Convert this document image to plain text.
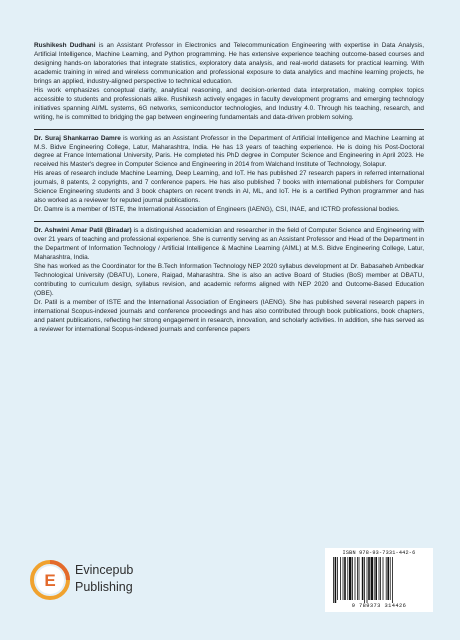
Rushikesh Dudhani is an Assistant Professor in Electronics and Telecommunication Engineering with expertise in Data Analysis, Artificial Intelligence, Machine Learning, and Python programming. He has extensive experience teaching outcome-based courses and designing hands-on laboratories that integrate statistics, exploratory data analysis, and real-world datasets for practical learning. With academic training in wired and wireless communication and professional exposure to data analytics and machine learning projects, he brings an applied, industry-aligned perspective to technical education.

His work emphasizes conceptual clarity, analytical reasoning, and decision-oriented data interpretation, making complex topics accessible to students and professionals alike. Rushikesh actively engages in faculty development programs and emerging technology initiatives spanning AI/ML systems, 6G networks, semiconductor technologies, and Industry 4.0. Through his teaching, research, and writing, he is committed to bridging the gap between engineering fundamentals and data-driven problem solving.

Dr. Suraj Shankarrao Damre is working as an Assistant Professor in the Department of Artificial Intelligence and Machine Learning at M.S. Bidve Engineering College, Latur, Maharashtra, India. He has 13 years of teaching experience. He is doing his Post-Doctoral degree at France International University, Paris. He completed his PhD degree in Computer Science and Engineering in April 2023. He received his Master's degree in Computer Science and Engineering in 2014 from Walchand Institute of Technology, Solapur.

His areas of research include Machine Learning, Deep Learning, and IoT. He has published 27 research papers in referred international journals, 8 patents, 2 copyrights, and 7 conference papers. He has also published 7 books with international publishers for Computer Science Engineering students and 3 book chapters on recent trends in AI, ML, and IoT. He is a certified Python programmer and has also worked as a reviewer for reputed journal publications.

Dr. Damre is a member of ISTE, the International Association of Engineers (IAENG), CSI, INAE, and ICTRD professional bodies.

Dr. Ashwini Amar Patil (Biradar) is a distinguished academician and researcher in the field of Computer Science and Engineering with over 21 years of teaching and professional experience. She is currently serving as an Assistant Professor and Head of the Department in the Department of Information Technology / Artificial Intelligence & Machine Learning (AIML) at M.S. Bidve Engineering College, Latur, Maharashtra, India.

She has worked as the Coordinator for the B.Tech Information Technology NEP 2020 syllabus development at Dr. Babasaheb Ambedkar Technological University (DBATU), Lonere, Raigad, Maharashtra. She is also an active Board of Studies (BoS) member at DBATU, contributing to curriculum design, syllabus revision, and academic reforms aligned with NEP 2020 and Outcome-Based Education (OBE).

Dr. Patil is a member of ISTE and the International Association of Engineers (IAENG). She has published several research papers in international Scopus-indexed journals and conference proceedings and has also contributed through book publications, book chapters, and patent publications, reflecting her strong engagement in research, innovation, and scholarly activities. In addition, she has served as a reviewer for international Scopus-indexed journals and conference papers

E
Evincepub
Publishing
ISBN 978-93-7331-442-6
9 789373 314426
